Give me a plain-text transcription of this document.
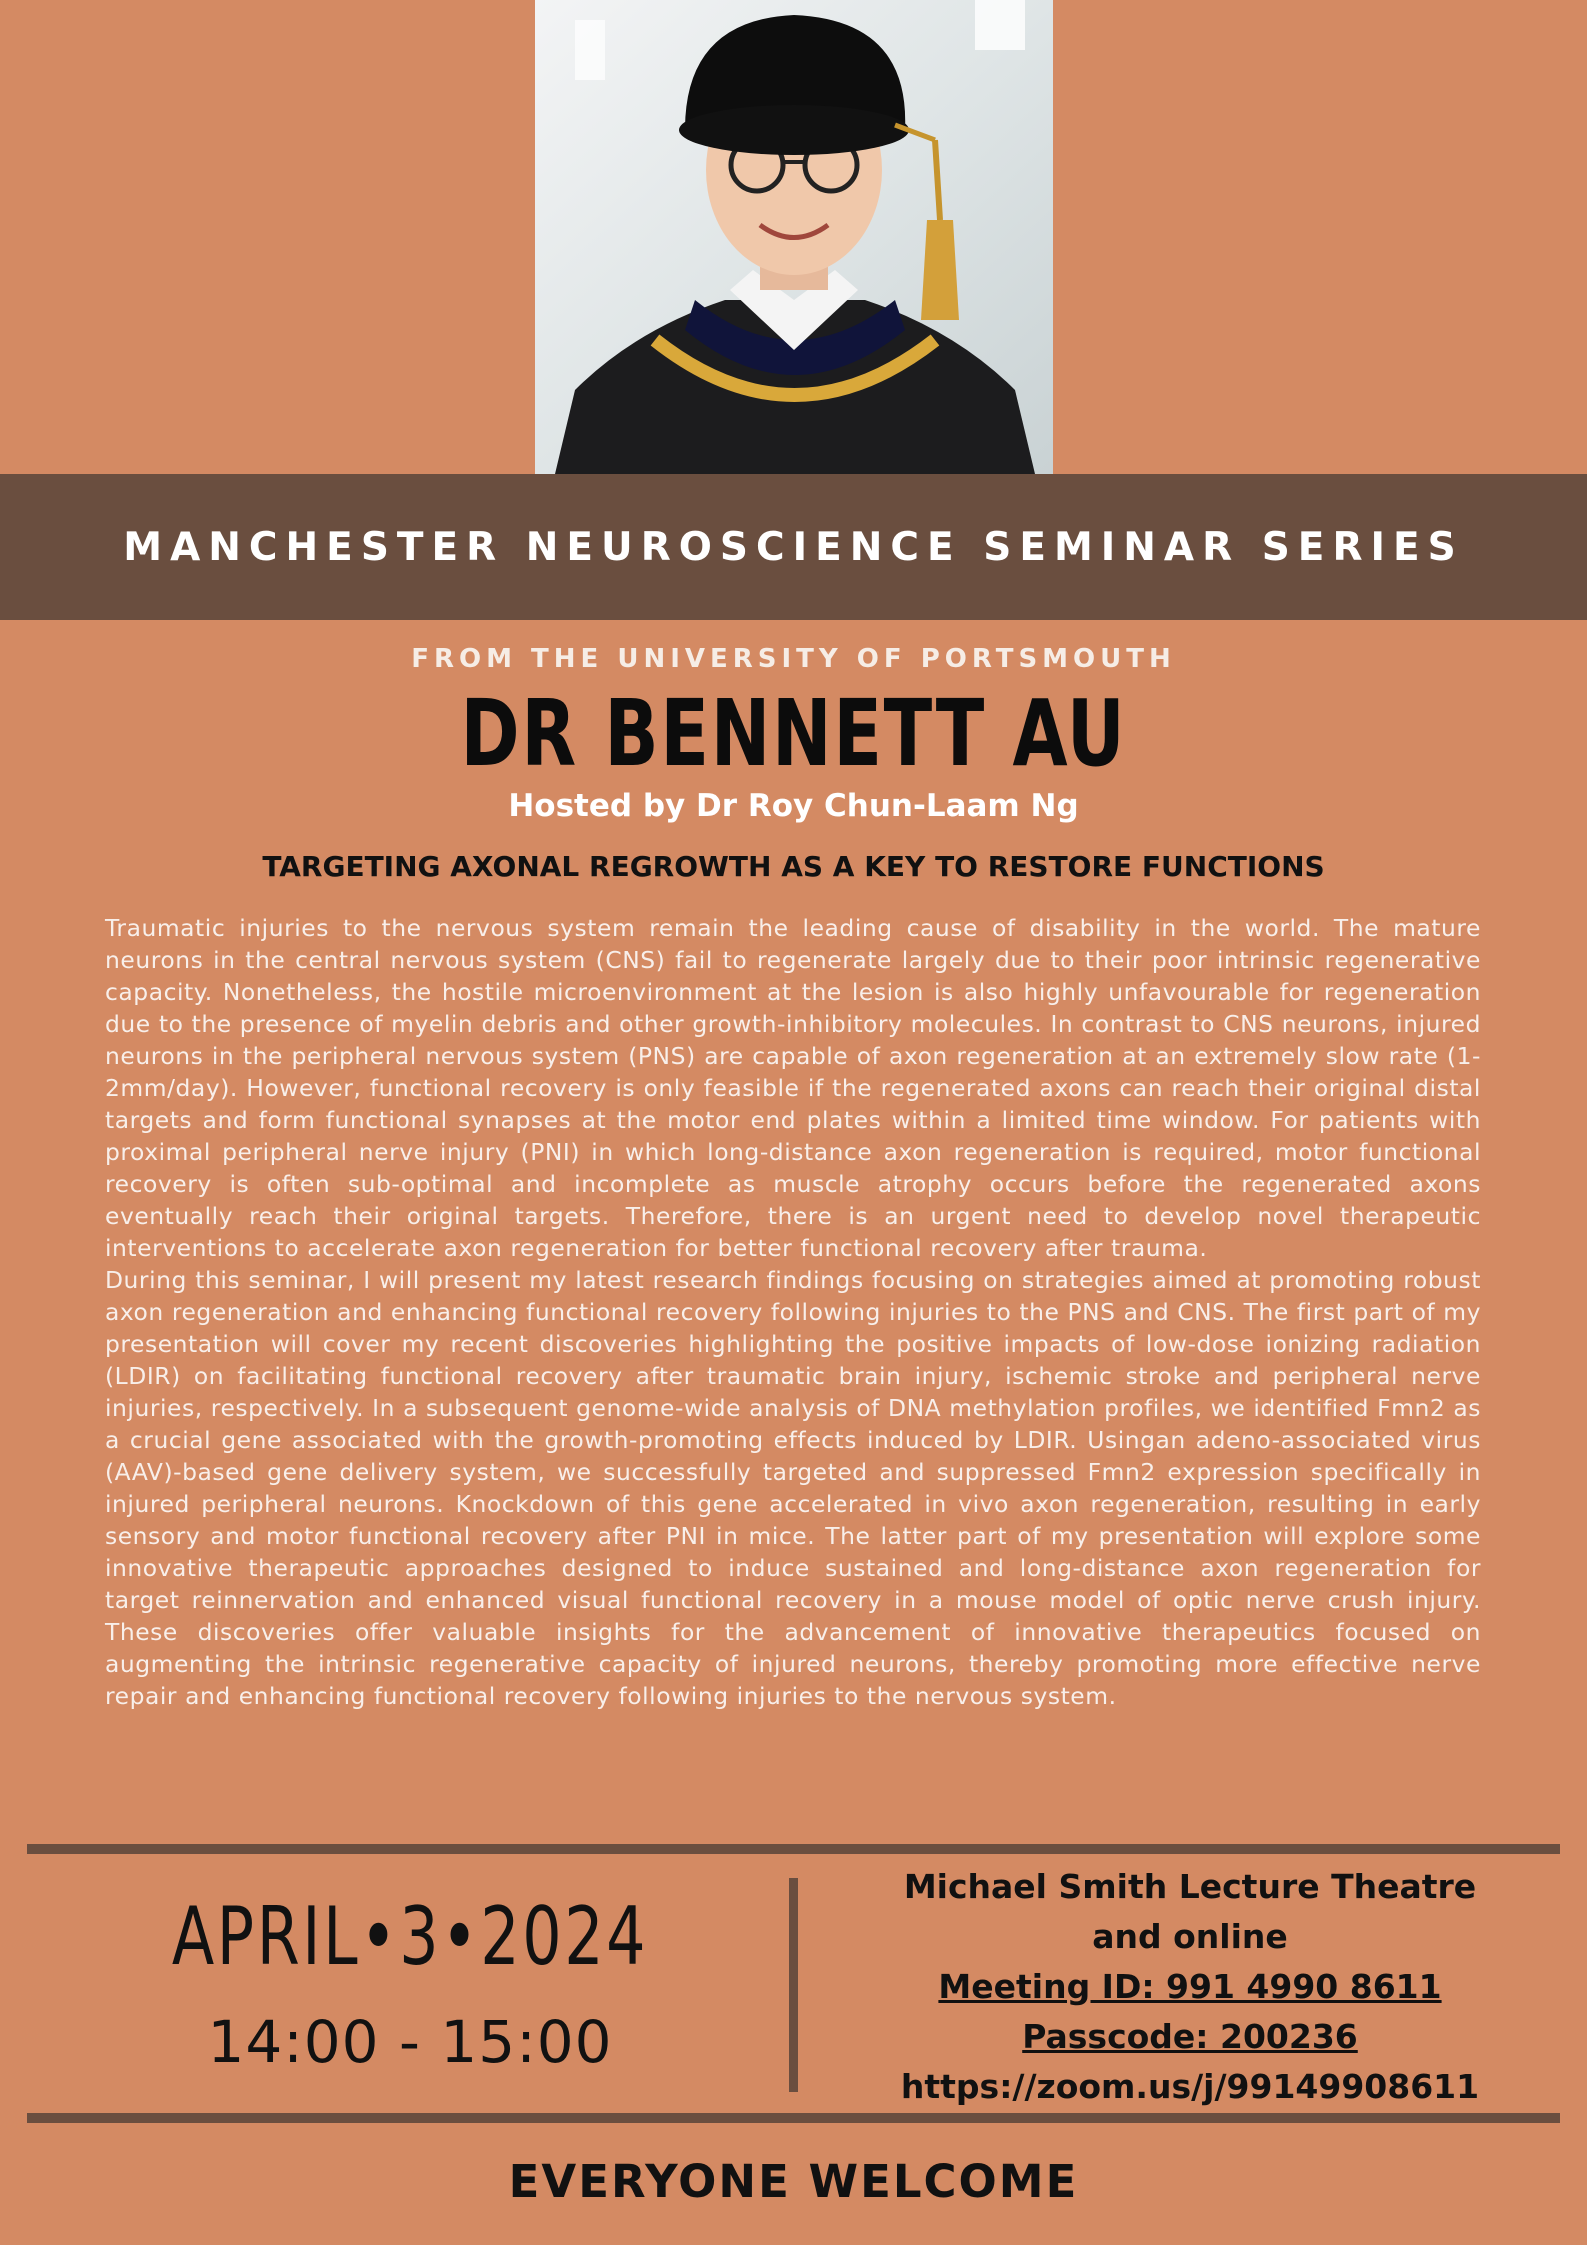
MANCHESTER NEUROSCIENCE SEMINAR SERIES
FROM THE UNIVERSITY OF PORTSMOUTH
DR BENNETT AU
Hosted by Dr Roy Chun-Laam Ng
TARGETING AXONAL REGROWTH AS A KEY TO RESTORE FUNCTIONS

Traumatic injuries to the nervous system remain the leading cause of disability in the world. The mature neurons in the central nervous system (CNS) fail to regenerate largely due to their poor intrinsic regenerative capacity. Nonetheless, the hostile microenvironment at the lesion is also highly unfavourable for regeneration due to the presence of myelin debris and other growth-inhibitory molecules. In contrast to CNS neurons, injured neurons in the peripheral nervous system (PNS) are capable of axon regeneration at an extremely slow rate (1-2mm/day). However, functional recovery is only feasible if the regenerated axons can reach their original distal targets and form functional synapses at the motor end plates within a limited time window. For patients with proximal peripheral nerve injury (PNI) in which long-distance axon regeneration is required, motor functional recovery is often sub-optimal and incomplete as muscle atrophy occurs before the regenerated axons eventually reach their original targets. Therefore, there is an urgent need to develop novel therapeutic interventions to accelerate axon regeneration for better functional recovery after trauma.

During this seminar, I will present my latest research findings focusing on strategies aimed at promoting robust axon regeneration and enhancing functional recovery following injuries to the PNS and CNS. The first part of my presentation will cover my recent discoveries highlighting the positive impacts of low-dose ionizing radiation (LDIR) on facilitating functional recovery after traumatic brain injury, ischemic stroke and peripheral nerve injuries, respectively. In a subsequent genome-wide analysis of DNA methylation profiles, we identified Fmn2 as a crucial gene associated with the growth-promoting effects induced by LDIR. Usingan adeno-associated virus (AAV)-based gene delivery system, we successfully targeted and suppressed Fmn2 expression specifically in injured peripheral neurons. Knockdown of this gene accelerated in vivo axon regeneration, resulting in early sensory and motor functional recovery after PNI in mice. The latter part of my presentation will explore some innovative therapeutic approaches designed to induce sustained and long-distance axon regeneration for target reinnervation and enhanced visual functional recovery in a mouse model of optic nerve crush injury. These discoveries offer valuable insights for the advancement of innovative therapeutics focused on augmenting the intrinsic regenerative capacity of injured neurons, thereby promoting more effective nerve repair and enhancing functional recovery following injuries to the nervous system.

APRIL•3•2024
14:00 - 15:00
Michael Smith Lecture Theatre
and online
Meeting ID: 991 4990 8611
Passcode: 200236
https://zoom.us/j/99149908611
EVERYONE WELCOME
